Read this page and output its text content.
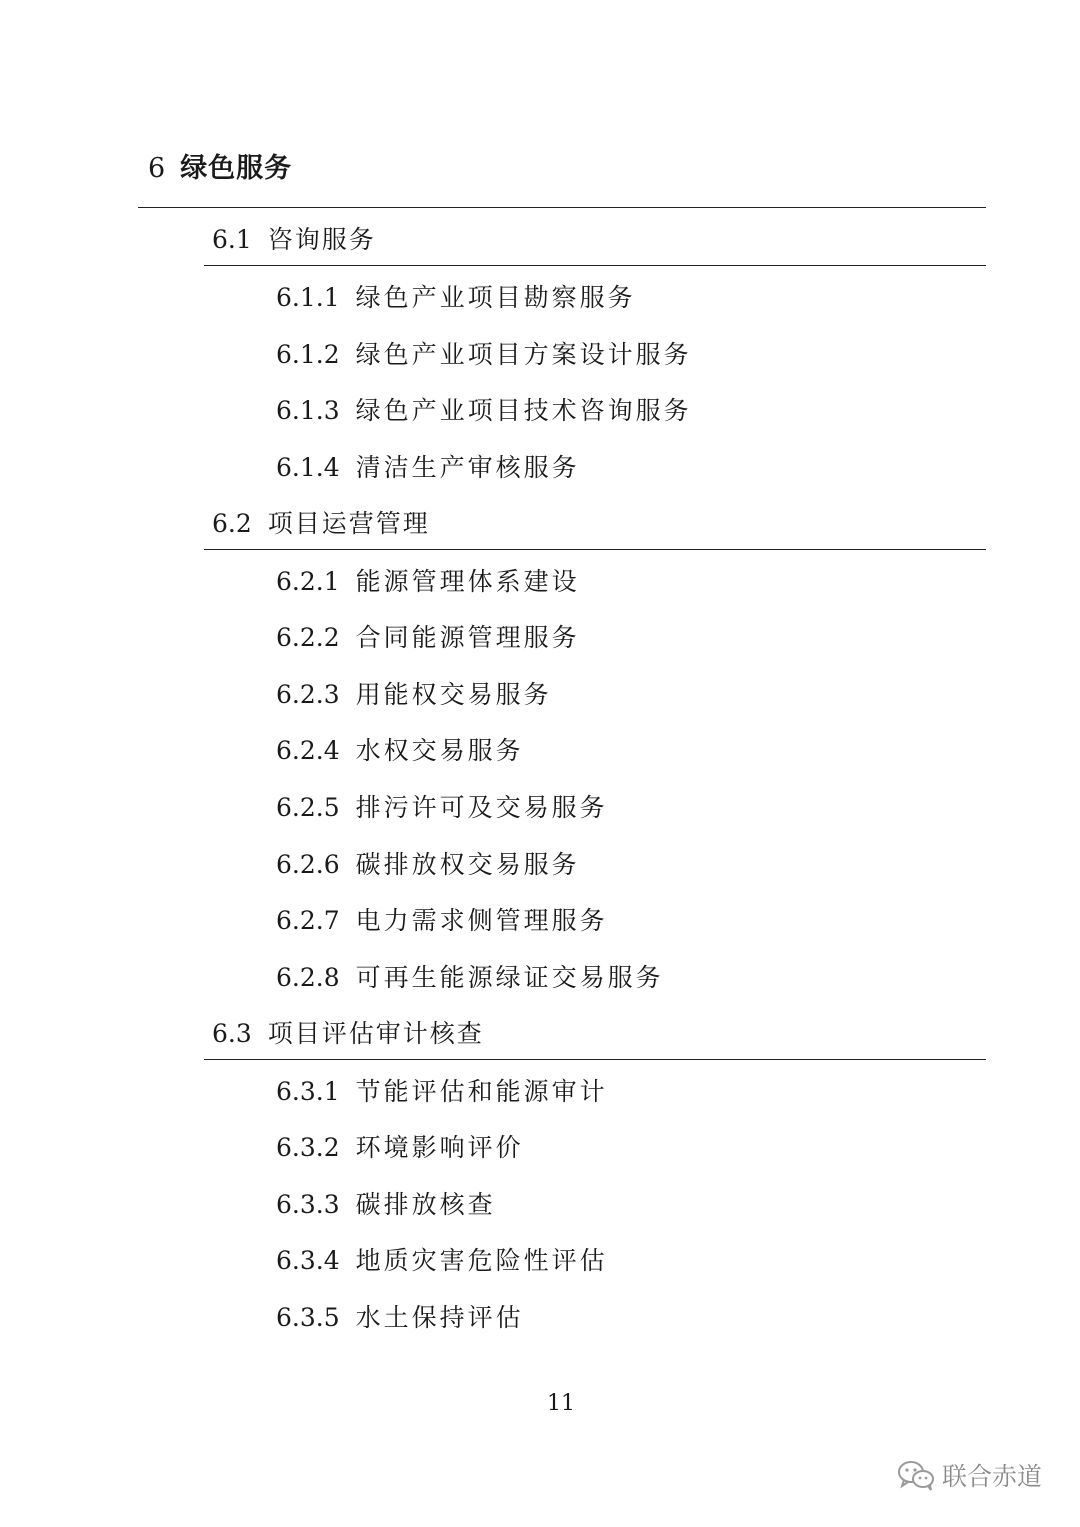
6 绿色服务
6.1 咨询服务
6.1.1 绿色产业项目勘察服务
6.1.2 绿色产业项目方案设计服务
6.1.3 绿色产业项目技术咨询服务
6.1.4 清洁生产审核服务
6.2 项目运营管理
6.2.1 能源管理体系建设
6.2.2 合同能源管理服务
6.2.3 用能权交易服务
6.2.4 水权交易服务
6.2.5 排污许可及交易服务
6.2.6 碳排放权交易服务
6.2.7 电力需求侧管理服务
6.2.8 可再生能源绿证交易服务
6.3 项目评估审计核查
6.3.1 节能评估和能源审计
6.3.2 环境影响评价
6.3.3 碳排放核查
6.3.4 地质灾害危险性评估
6.3.5 水土保持评估
11
联合赤道
